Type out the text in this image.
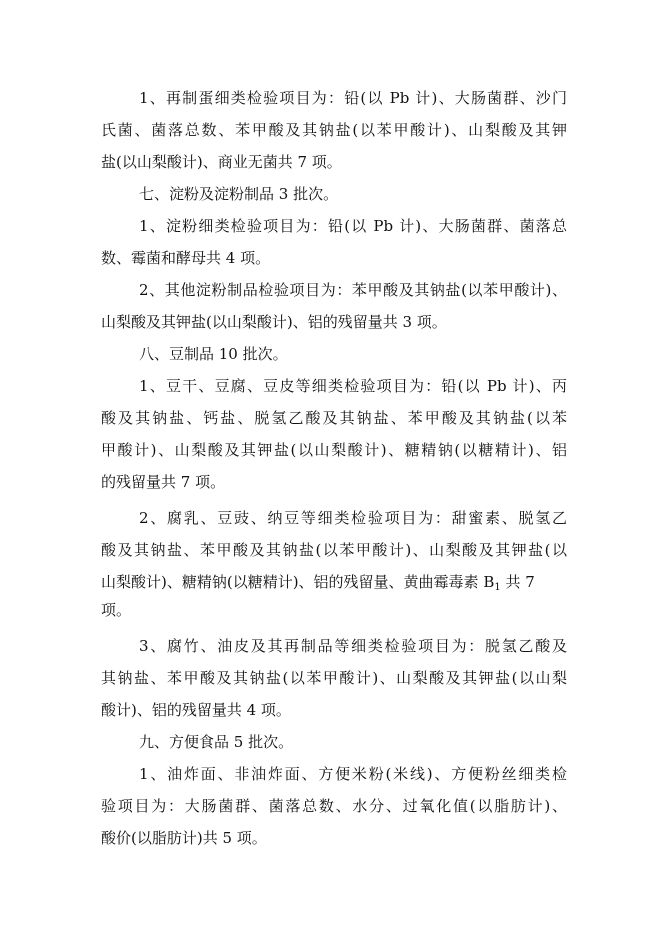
1、再制蛋细类检验项目为：铅(以 Pb 计)、大肠菌群、沙门
氏菌、菌落总数、苯甲酸及其钠盐(以苯甲酸计)、山梨酸及其钾
盐(以山梨酸计)、商业无菌共 7 项。
七、淀粉及淀粉制品 3 批次。
1、淀粉细类检验项目为：铅(以 Pb 计)、大肠菌群、菌落总
数、霉菌和酵母共 4 项。
2、其他淀粉制品检验项目为：苯甲酸及其钠盐(以苯甲酸计)、
山梨酸及其钾盐(以山梨酸计)、铝的残留量共 3 项。
八、豆制品 10 批次。
1、豆干、豆腐、豆皮等细类检验项目为：铅(以 Pb 计)、丙
酸及其钠盐、钙盐、脱氢乙酸及其钠盐、苯甲酸及其钠盐(以苯
甲酸计)、山梨酸及其钾盐(以山梨酸计)、糖精钠(以糖精计)、铝
的残留量共 7 项。
2、腐乳、豆豉、纳豆等细类检验项目为：甜蜜素、脱氢乙
酸及其钠盐、苯甲酸及其钠盐(以苯甲酸计)、山梨酸及其钾盐(以
山梨酸计)、糖精钠(以糖精计)、铝的残留量、黄曲霉毒素 $B_1$ 共 7
项。
3、腐竹、油皮及其再制品等细类检验项目为：脱氢乙酸及
其钠盐、苯甲酸及其钠盐(以苯甲酸计)、山梨酸及其钾盐(以山梨
酸计)、铝的残留量共 4 项。
九、方便食品 5 批次。
1、油炸面、非油炸面、方便米粉(米线)、方便粉丝细类检
验项目为：大肠菌群、菌落总数、水分、过氧化值(以脂肪计)、
酸价(以脂肪计)共 5 项。
